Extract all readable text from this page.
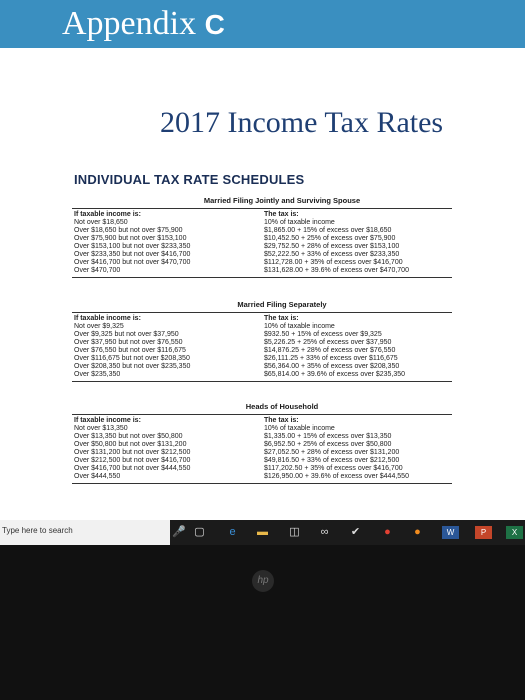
Appendix C
2017 Income Tax Rates
INDIVIDUAL TAX RATE SCHEDULES
Married Filing Jointly and Surviving Spouse
If taxable income is:	The tax is:
Not over $18,650	10% of taxable income
Over $18,650 but not over $75,900	$1,865.00 + 15% of excess over $18,650
Over $75,900 but not over $153,100	$10,452.50 + 25% of excess over $75,900
Over $153,100 but not over $233,350	$29,752.50 + 28% of excess over $153,100
Over $233,350 but not over $416,700	$52,222.50 + 33% of excess over $233,350
Over $416,700 but not over $470,700	$112,728.00 + 35% of excess over $416,700
Over $470,700	$131,628.00 + 39.6% of excess over $470,700
Married Filing Separately
If taxable income is:	The tax is:
Not over $9,325	10% of taxable income
Over $9,325 but not over $37,950	$932.50 + 15% of excess over $9,325
Over $37,950 but not over $76,550	$5,226.25 + 25% of excess over $37,950
Over $76,550 but not over $116,675	$14,876.25 + 28% of excess over $76,550
Over $116,675 but not over $208,350	$26,111.25 + 33% of excess over $116,675
Over $208,350 but not over $235,350	$56,364.00 + 35% of excess over $208,350
Over $235,350	$65,814.00 + 39.6% of excess over $235,350
Heads of Household
If taxable income is:	The tax is:
Not over $13,350	10% of taxable income
Over $13,350 but not over $50,800	$1,335.00 + 15% of excess over $13,350
Over $50,800 but not over $131,200	$6,952.50 + 25% of excess over $50,800
Over $131,200 but not over $212,500	$27,052.50 + 28% of excess over $131,200
Over $212,500 but not over $416,700	$49,816.50 + 33% of excess over $212,500
Over $416,700 but not over $444,550	$117,202.50 + 35% of excess over $416,700
Over $444,550	$126,950.00 + 39.6% of excess over $444,550
Type here to search	🎤 ▢	e	▬ ◫ ∞ ✔ ● ●	W	P	X
hp
